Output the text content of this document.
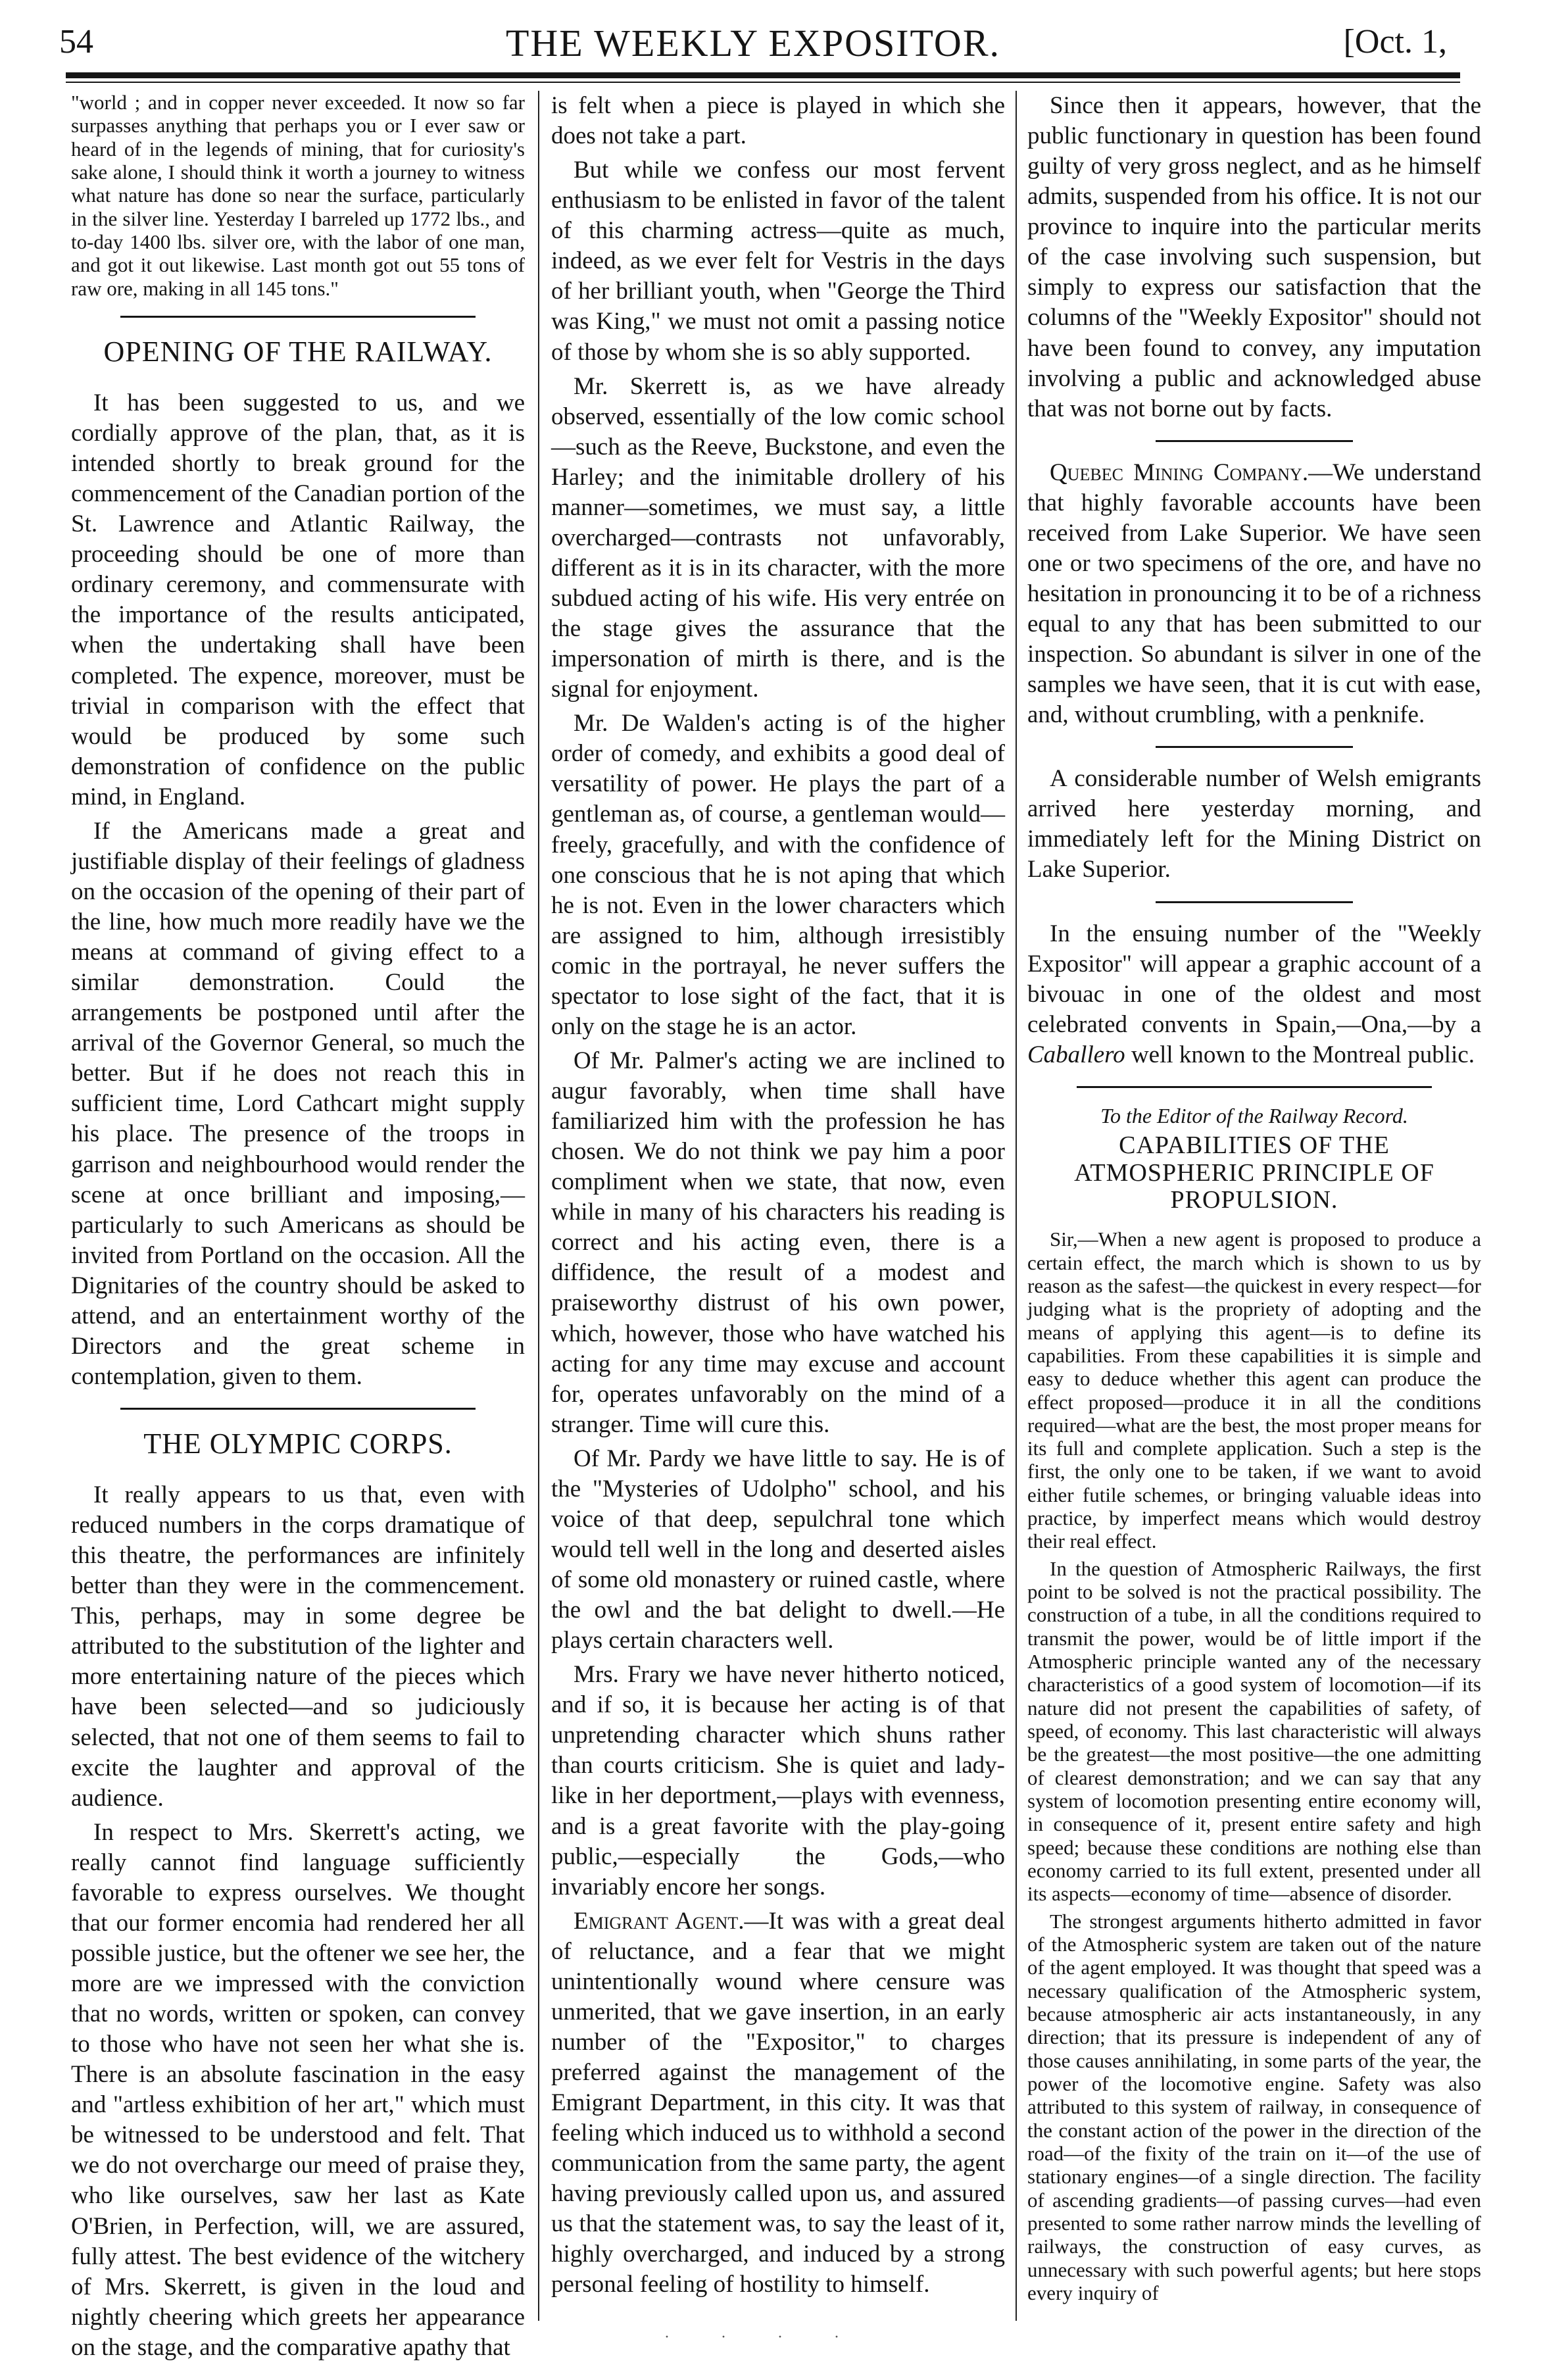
54	THE WEEKLY EXPOSITOR.	[Oct. 1,

"world ; and in copper never exceeded. It now so far surpasses anything that perhaps you or I ever saw or heard of in the legends of mining, that for curiosity's sake alone, I should think it worth a journey to witness what nature has done so near the surface, particularly in the silver line. Yesterday I barreled up 1772 lbs., and to-day 1400 lbs. silver ore, with the labor of one man, and got it out likewise. Last month got out 55 tons of raw ore, making in all 145 tons."

OPENING OF THE RAILWAY.

It has been suggested to us, and we cordially approve of the plan, that, as it is intended shortly to break ground for the commencement of the Canadian portion of the St. Lawrence and Atlantic Railway, the proceeding should be one of more than ordinary ceremony, and commensurate with the importance of the results anticipated, when the undertaking shall have been completed. The expence, moreover, must be trivial in comparison with the effect that would be produced by some such demonstration of confidence on the public mind, in England.

If the Americans made a great and justifiable display of their feelings of gladness on the occasion of the opening of their part of the line, how much more readily have we the means at command of giving effect to a similar demonstration. Could the arrangements be postponed until after the arrival of the Governor General, so much the better. But if he does not reach this in sufficient time, Lord Cathcart might supply his place. The presence of the troops in garrison and neighbourhood would render the scene at once brilliant and imposing,—particularly to such Americans as should be invited from Portland on the occasion. All the Dignitaries of the country should be asked to attend, and an entertainment worthy of the Directors and the great scheme in contemplation, given to them.

THE OLYMPIC CORPS.

It really appears to us that, even with reduced numbers in the corps dramatique of this theatre, the performances are infinitely better than they were in the commencement. This, perhaps, may in some degree be attributed to the substitution of the lighter and more entertaining nature of the pieces which have been selected—and so judiciously selected, that not one of them seems to fail to excite the laughter and approval of the audience.

In respect to Mrs. Skerrett's acting, we really cannot find language sufficiently favorable to express ourselves. We thought that our former encomia had rendered her all possible justice, but the oftener we see her, the more are we impressed with the conviction that no words, written or spoken, can convey to those who have not seen her what she is. There is an absolute fascination in the easy and "artless exhibition of her art," which must be witnessed to be understood and felt. That we do not overcharge our meed of praise they, who like ourselves, saw her last as Kate O'Brien, in Perfection, will, we are assured, fully attest. The best evidence of the witchery of Mrs. Skerrett, is given in the loud and nightly cheering which greets her appearance on the stage, and the comparative apathy that

is felt when a piece is played in which she does not take a part.

But while we confess our most fervent enthusiasm to be enlisted in favor of the talent of this charming actress—quite as much, indeed, as we ever felt for Vestris in the days of her brilliant youth, when "George the Third was King," we must not omit a passing notice of those by whom she is so ably supported.

Mr. Skerrett is, as we have already observed, essentially of the low comic school—such as the Reeve, Buckstone, and even the Harley; and the inimitable drollery of his manner—sometimes, we must say, a little overcharged—contrasts not unfavorably, different as it is in its character, with the more subdued acting of his wife. His very entrée on the stage gives the assurance that the impersonation of mirth is there, and is the signal for enjoyment.

Mr. De Walden's acting is of the higher order of comedy, and exhibits a good deal of versatility of power. He plays the part of a gentleman as, of course, a gentleman would—freely, gracefully, and with the confidence of one conscious that he is not aping that which he is not. Even in the lower characters which are assigned to him, although irresistibly comic in the portrayal, he never suffers the spectator to lose sight of the fact, that it is only on the stage he is an actor.

Of Mr. Palmer's acting we are inclined to augur favorably, when time shall have familiarized him with the profession he has chosen. We do not think we pay him a poor compliment when we state, that now, even while in many of his characters his reading is correct and his acting even, there is a diffidence, the result of a modest and praiseworthy distrust of his own power, which, however, those who have watched his acting for any time may excuse and account for, operates unfavorably on the mind of a stranger. Time will cure this.

Of Mr. Pardy we have little to say. He is of the "Mysteries of Udolpho" school, and his voice of that deep, sepulchral tone which would tell well in the long and deserted aisles of some old monastery or ruined castle, where the owl and the bat delight to dwell.—He plays certain characters well.

Mrs. Frary we have never hitherto noticed, and if so, it is because her acting is of that unpretending character which shuns rather than courts criticism. She is quiet and lady-like in her deportment,—plays with evenness, and is a great favorite with the play-going public,—especially the Gods,—who invariably encore her songs.

Emigrant Agent.—It was with a great deal of reluctance, and a fear that we might unintentionally wound where censure was unmerited, that we gave insertion, in an early number of the "Expositor," to charges preferred against the management of the Emigrant Department, in this city. It was that feeling which induced us to withhold a second communication from the same party, the agent having previously called upon us, and assured us that the statement was, to say the least of it, highly overcharged, and induced by a strong personal feeling of hostility to himself.

Since then it appears, however, that the public functionary in question has been found guilty of very gross neglect, and as he himself admits, suspended from his office. It is not our province to inquire into the particular merits of the case involving such suspension, but simply to express our satisfaction that the columns of the "Weekly Expositor" should not have been found to convey, any imputation involving a public and acknowledged abuse that was not borne out by facts.

Quebec Mining Company.—We understand that highly favorable accounts have been received from Lake Superior. We have seen one or two specimens of the ore, and have no hesitation in pronouncing it to be of a richness equal to any that has been submitted to our inspection. So abundant is silver in one of the samples we have seen, that it is cut with ease, and, without crumbling, with a penknife.

A considerable number of Welsh emigrants arrived here yesterday morning, and immediately left for the Mining District on Lake Superior.

In the ensuing number of the "Weekly Expositor" will appear a graphic account of a bivouac in one of the oldest and most celebrated convents in Spain,—Ona,—by a Caballero well known to the Montreal public.

To the Editor of the Railway Record.
CAPABILITIES OF THE ATMOSPHERIC PRINCIPLE OF PROPULSION.

Sir,—When a new agent is proposed to produce a certain effect, the march which is shown to us by reason as the safest—the quickest in every respect—for judging what is the propriety of adopting and the means of applying this agent—is to define its capabilities. From these capabilities it is simple and easy to deduce whether this agent can produce the effect proposed—produce it in all the conditions required—what are the best, the most proper means for its full and complete application. Such a step is the first, the only one to be taken, if we want to avoid either futile schemes, or bringing valuable ideas into practice, by imperfect means which would destroy their real effect.

In the question of Atmospheric Railways, the first point to be solved is not the practical possibility. The construction of a tube, in all the conditions required to transmit the power, would be of little import if the Atmospheric principle wanted any of the necessary characteristics of a good system of locomotion—if its nature did not present the capabilities of safety, of speed, of economy. This last characteristic will always be the greatest—the most positive—the one admitting of clearest demonstration; and we can say that any system of locomotion presenting entire economy will, in consequence of it, present entire safety and high speed; because these conditions are nothing else than economy carried to its full extent, presented under all its aspects—economy of time—absence of disorder.

The strongest arguments hitherto admitted in favor of the Atmospheric system are taken out of the nature of the agent employed. It was thought that speed was a necessary qualification of the Atmospheric system, because atmospheric air acts instantaneously, in any direction; that its pressure is independent of any of those causes annihilating, in some parts of the year, the power of the locomotive engine. Safety was also attributed to this system of railway, in consequence of the constant action of the power in the direction of the road—of the fixity of the train on it—of the use of stationary engines—of a single direction. The facility of ascending gradients—of passing curves—had even presented to some rather narrow minds the levelling of railways, the construction of easy curves, as unnecessary with such powerful agents; but here stops every inquiry of

· · · ·
